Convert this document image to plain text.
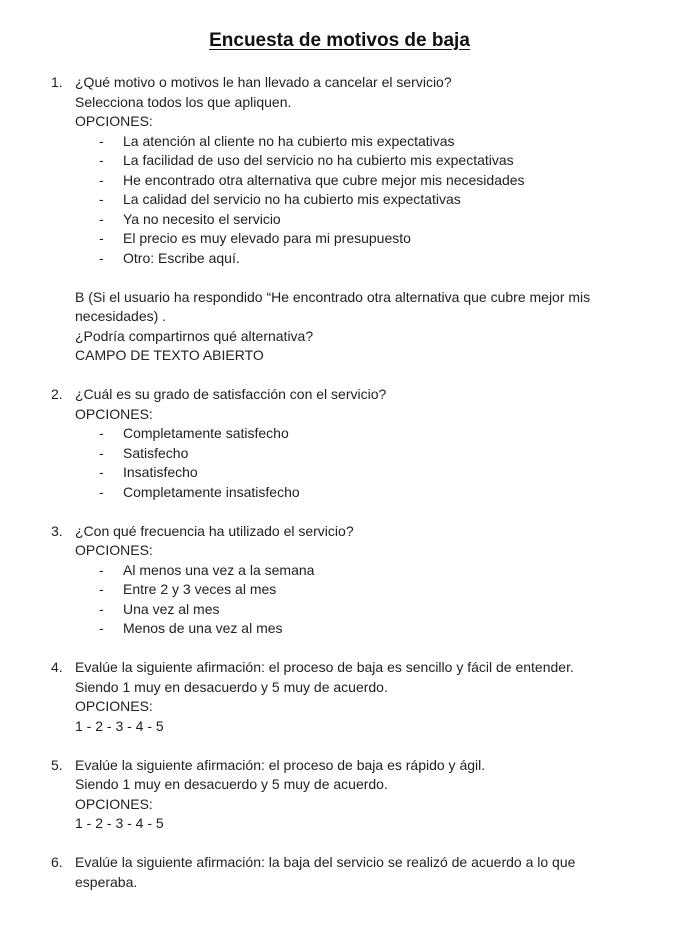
Encuesta de motivos de baja
1. ¿Qué motivo o motivos le han llevado a cancelar el servicio?

Selecciona todos los que apliquen.

OPCIONES:

- La atención al cliente no ha cubierto mis expectativas
- La facilidad de uso del servicio no ha cubierto mis expectativas
- He encontrado otra alternativa que cubre mejor mis necesidades
- La calidad del servicio no ha cubierto mis expectativas
- Ya no necesito el servicio
- El precio es muy elevado para mi presupuesto
- Otro: Escribe aquí.

B (Si el usuario ha respondido “He encontrado otra alternativa que cubre mejor mis

necesidades) .

¿Podría compartirnos qué alternativa?

CAMPO DE TEXTO ABIERTO

2. ¿Cuál es su grado de satisfacción con el servicio?

OPCIONES:

- Completamente satisfecho
- Satisfecho
- Insatisfecho
- Completamente insatisfecho
3. ¿Con qué frecuencia ha utilizado el servicio?

OPCIONES:

- Al menos una vez a la semana
- Entre 2 y 3 veces al mes
- Una vez al mes
- Menos de una vez al mes
4. Evalúe la siguiente afirmación: el proceso de baja es sencillo y fácil de entender.

Siendo 1 muy en desacuerdo y 5 muy de acuerdo.

OPCIONES:

1 - 2 - 3 - 4 - 5

5. Evalúe la siguiente afirmación: el proceso de baja es rápido y ágil.

Siendo 1 muy en desacuerdo y 5 muy de acuerdo.

OPCIONES:

1 - 2 - 3 - 4 - 5

6. Evalúe la siguiente afirmación: la baja del servicio se realizó de acuerdo a lo que

esperaba.
